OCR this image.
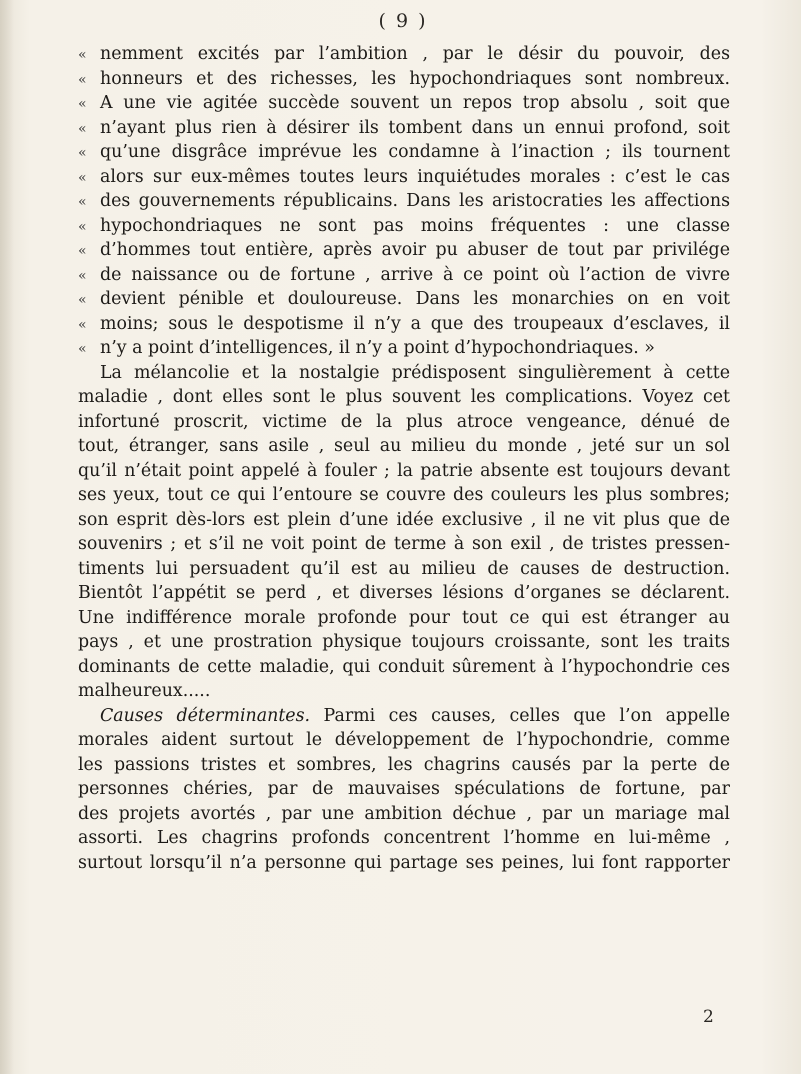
( 9 )
« nemment excités par l’ambition , par le désir du pouvoir, des
« honneurs et des richesses, les hypochondriaques sont nombreux.
« A une vie agitée succède souvent un repos trop absolu , soit que
« n’ayant plus rien à désirer ils tombent dans un ennui profond, soit
« qu’une disgrâce imprévue les condamne à l’inaction ; ils tournent
« alors sur eux-mêmes toutes leurs inquiétudes morales : c’est le cas
« des gouvernements républicains. Dans les aristocraties les affections
« hypochondriaques ne sont pas moins fréquentes : une classe
« d’hommes tout entière, après avoir pu abuser de tout par privilége
« de naissance ou de fortune , arrive à ce point où l’action de vivre
« devient pénible et douloureuse. Dans les monarchies on en voit
« moins; sous le despotisme il n’y a que des troupeaux d’esclaves, il
« n’y a point d’intelligences, il n’y a point d’hypochondriaques. »
La mélancolie et la nostalgie prédisposent singulièrement à cette
maladie , dont elles sont le plus souvent les complications. Voyez cet
infortuné proscrit, victime de la plus atroce vengeance, dénué de
tout, étranger, sans asile , seul au milieu du monde , jeté sur un sol
qu’il n’était point appelé à fouler ; la patrie absente est toujours devant
ses yeux, tout ce qui l’entoure se couvre des couleurs les plus sombres;
son esprit dès-lors est plein d’une idée exclusive , il ne vit plus que de
souvenirs ; et s’il ne voit point de terme à son exil , de tristes pressen-
timents lui persuadent qu’il est au milieu de causes de destruction.
Bientôt l’appétit se perd , et diverses lésions d’organes se déclarent.
Une indifférence morale profonde pour tout ce qui est étranger au
pays , et une prostration physique toujours croissante, sont les traits
dominants de cette maladie, qui conduit sûrement à l’hypochondrie ces
malheureux.....
Causes déterminantes. Parmi ces causes, celles que l’on appelle
morales aident surtout le développement de l’hypochondrie, comme
les passions tristes et sombres, les chagrins causés par la perte de
personnes chéries, par de mauvaises spéculations de fortune, par
des projets avortés , par une ambition déchue , par un mariage mal
assorti. Les chagrins profonds concentrent l’homme en lui-même ,
surtout lorsqu’il n’a personne qui partage ses peines, lui font rapporter
2
